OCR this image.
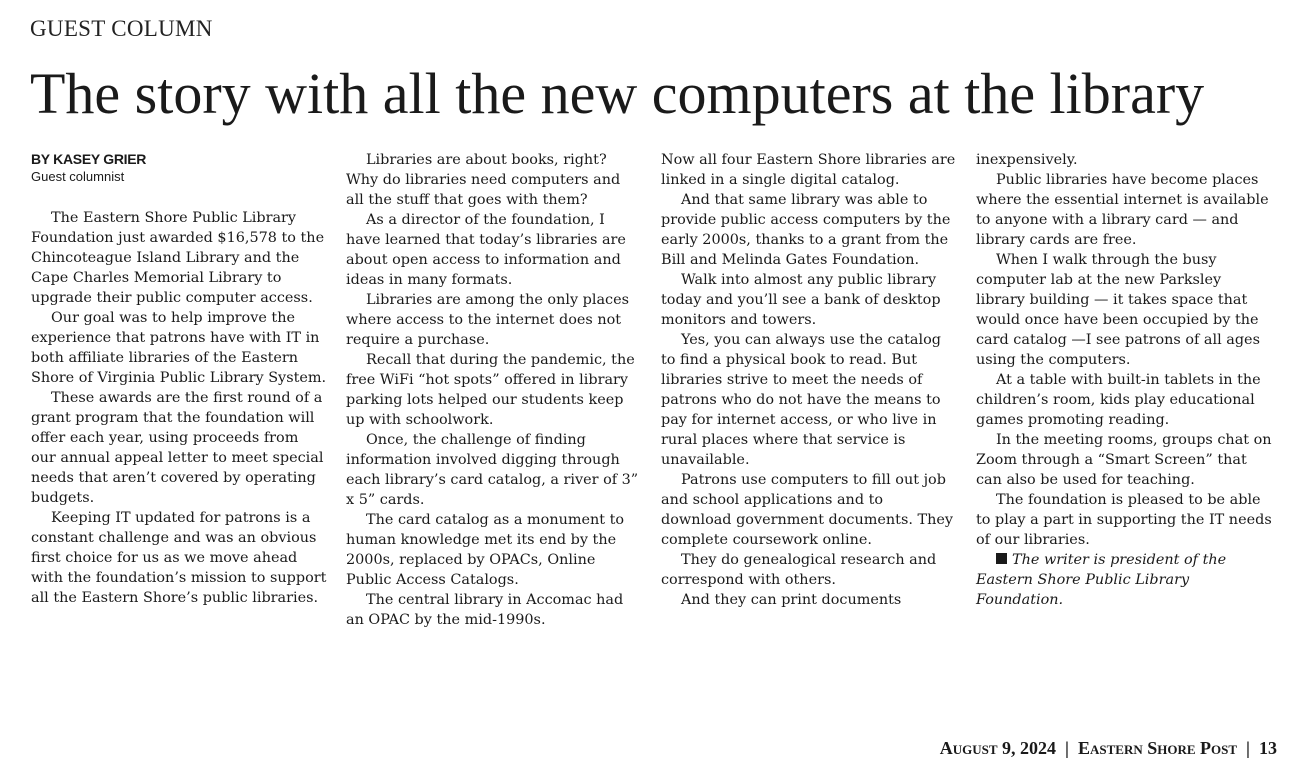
GUEST COLUMN
The story with all the new computers at the library
BY KASEY GRIER
Guest columnist

The Eastern Shore Public Library Foundation just awarded $16,578 to the Chincoteague Island Library and the Cape Charles Memorial Library to upgrade their public computer access.

Our goal was to help improve the experience that patrons have with IT in both affiliate libraries of the Eastern Shore of Virginia Public Library System.

These awards are the first round of a grant program that the foundation will offer each year, using proceeds from our annual appeal letter to meet special needs that aren’t covered by operating budgets.

Keeping IT updated for patrons is a constant challenge and was an obvious first choice for us as we move ahead with the foundation’s mission to support all the Eastern Shore’s public libraries.

Libraries are about books, right? Why do libraries need computers and all the stuff that goes with them?

As a director of the foundation, I have learned that today’s libraries are about open access to information and ideas in many formats.

Libraries are among the only places where access to the internet does not require a purchase.

Recall that during the pandemic, the free WiFi “hot spots” offered in library parking lots helped our students keep up with schoolwork.

Once, the challenge of finding information involved digging through each library’s card catalog, a river of 3” x 5” cards.

The card catalog as a monument to human knowledge met its end by the 2000s, replaced by OPACs, Online Public Access Catalogs.

The central library in Accomac had an OPAC by the mid-1990s.

Now all four Eastern Shore libraries are linked in a single digital catalog.

And that same library was able to provide public access computers by the early 2000s, thanks to a grant from the Bill and Melinda Gates Foundation.

Walk into almost any public library today and you’ll see a bank of desktop monitors and towers.

Yes, you can always use the catalog to find a physical book to read. But libraries strive to meet the needs of patrons who do not have the means to pay for internet access, or who live in rural places where that service is unavailable.

Patrons use computers to fill out job and school applications and to download government documents. They complete coursework online.

They do genealogical research and correspond with others.

And they can print documents

inexpensively.

Public libraries have become places where the essential internet is available to anyone with a library card — and library cards are free.

When I walk through the busy computer lab at the new Parksley library building — it takes space that would once have been occupied by the card catalog —I see patrons of all ages using the computers.

At a table with built-in tablets in the children’s room, kids play educational games promoting reading.

In the meeting rooms, groups chat on Zoom through a “Smart Screen” that can also be used for teaching.

The foundation is pleased to be able to play a part in supporting the IT needs of our libraries.

The writer is president of the Eastern Shore Public Library Foundation.

August 9, 2024 | Eastern Shore Post | 13
